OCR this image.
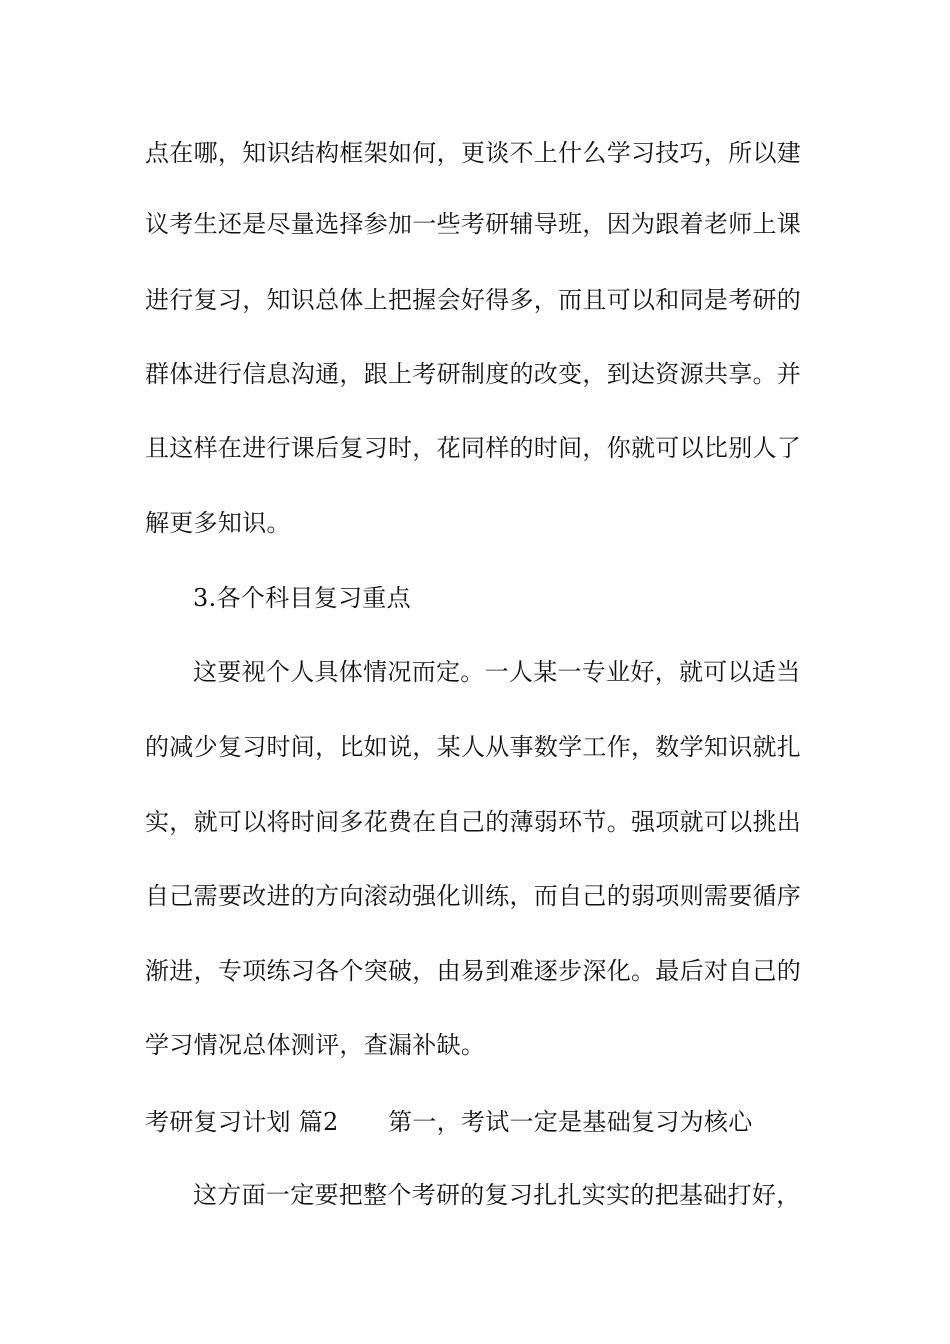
点在哪，知识结构框架如何，更谈不上什么学习技巧，所以建
议考生还是尽量选择参加一些考研辅导班，因为跟着老师上课
进行复习，知识总体上把握会好得多，而且可以和同是考研的
群体进行信息沟通，跟上考研制度的改变，到达资源共享。并
且这样在进行课后复习时，花同样的时间，你就可以比别人了
解更多知识。
3.各个科目复习重点
这要视个人具体情况而定。一人某一专业好，就可以适当
的减少复习时间，比如说，某人从事数学工作，数学知识就扎
实，就可以将时间多花费在自己的薄弱环节。强项就可以挑出
自己需要改进的方向滚动强化训练，而自己的弱项则需要循序
渐进，专项练习各个突破，由易到难逐步深化。最后对自己的
学习情况总体测评，查漏补缺。
考研复习计划 篇2 第一，考试一定是基础复习为核心
这方面一定要把整个考研的复习扎扎实实的把基础打好，
